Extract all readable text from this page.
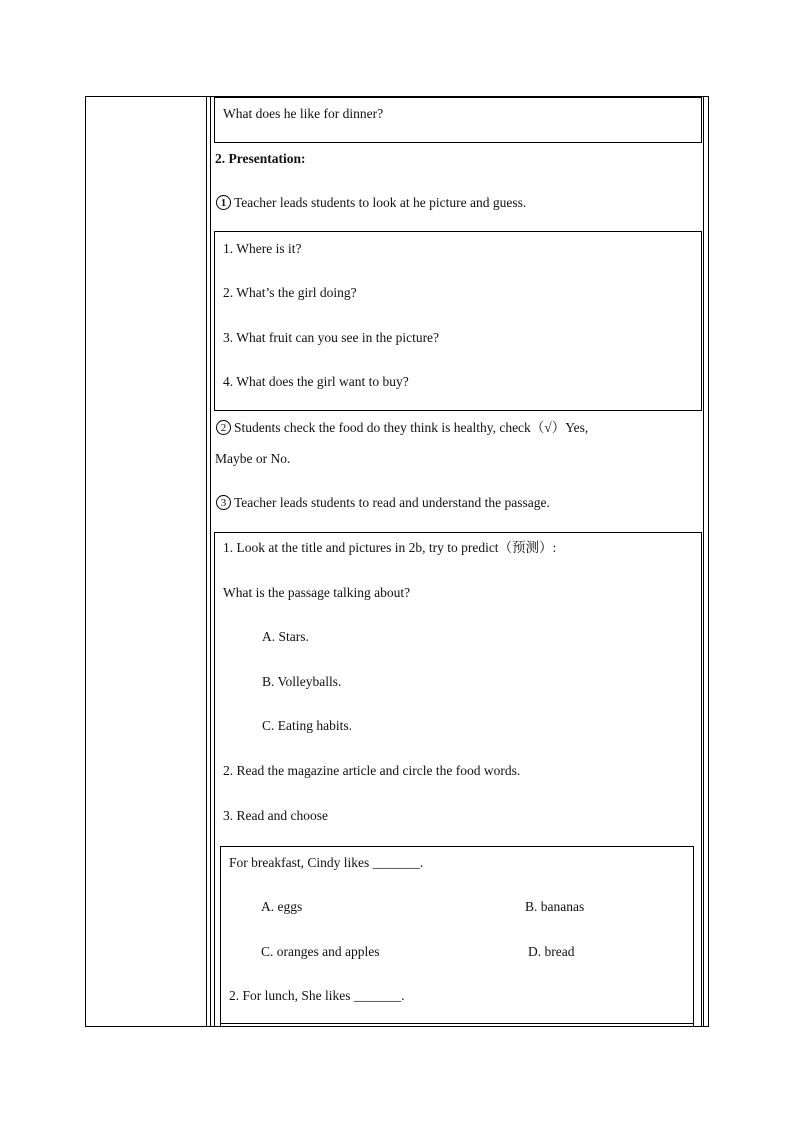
What does he like for dinner?
2. Presentation:
1 Teacher leads students to look at he picture and guess.
1. Where is it?
2. What’s the girl doing?
3. What fruit can you see in the picture?
4. What does the girl want to buy?
2 Students check the food do they think is healthy, check（√）Yes,
Maybe or No.
3 Teacher leads students to read and understand the passage.
1. Look at the title and pictures in 2b, try to predict（预测）:
What is the passage talking about?
A. Stars.
B. Volleyballs.
C. Eating habits.
2. Read the magazine article and circle the food words.
3. Read and choose
For breakfast, Cindy likes _______.
A. eggs	B. bananas
C. oranges and apples	D. bread
2. For lunch, She likes _______.
